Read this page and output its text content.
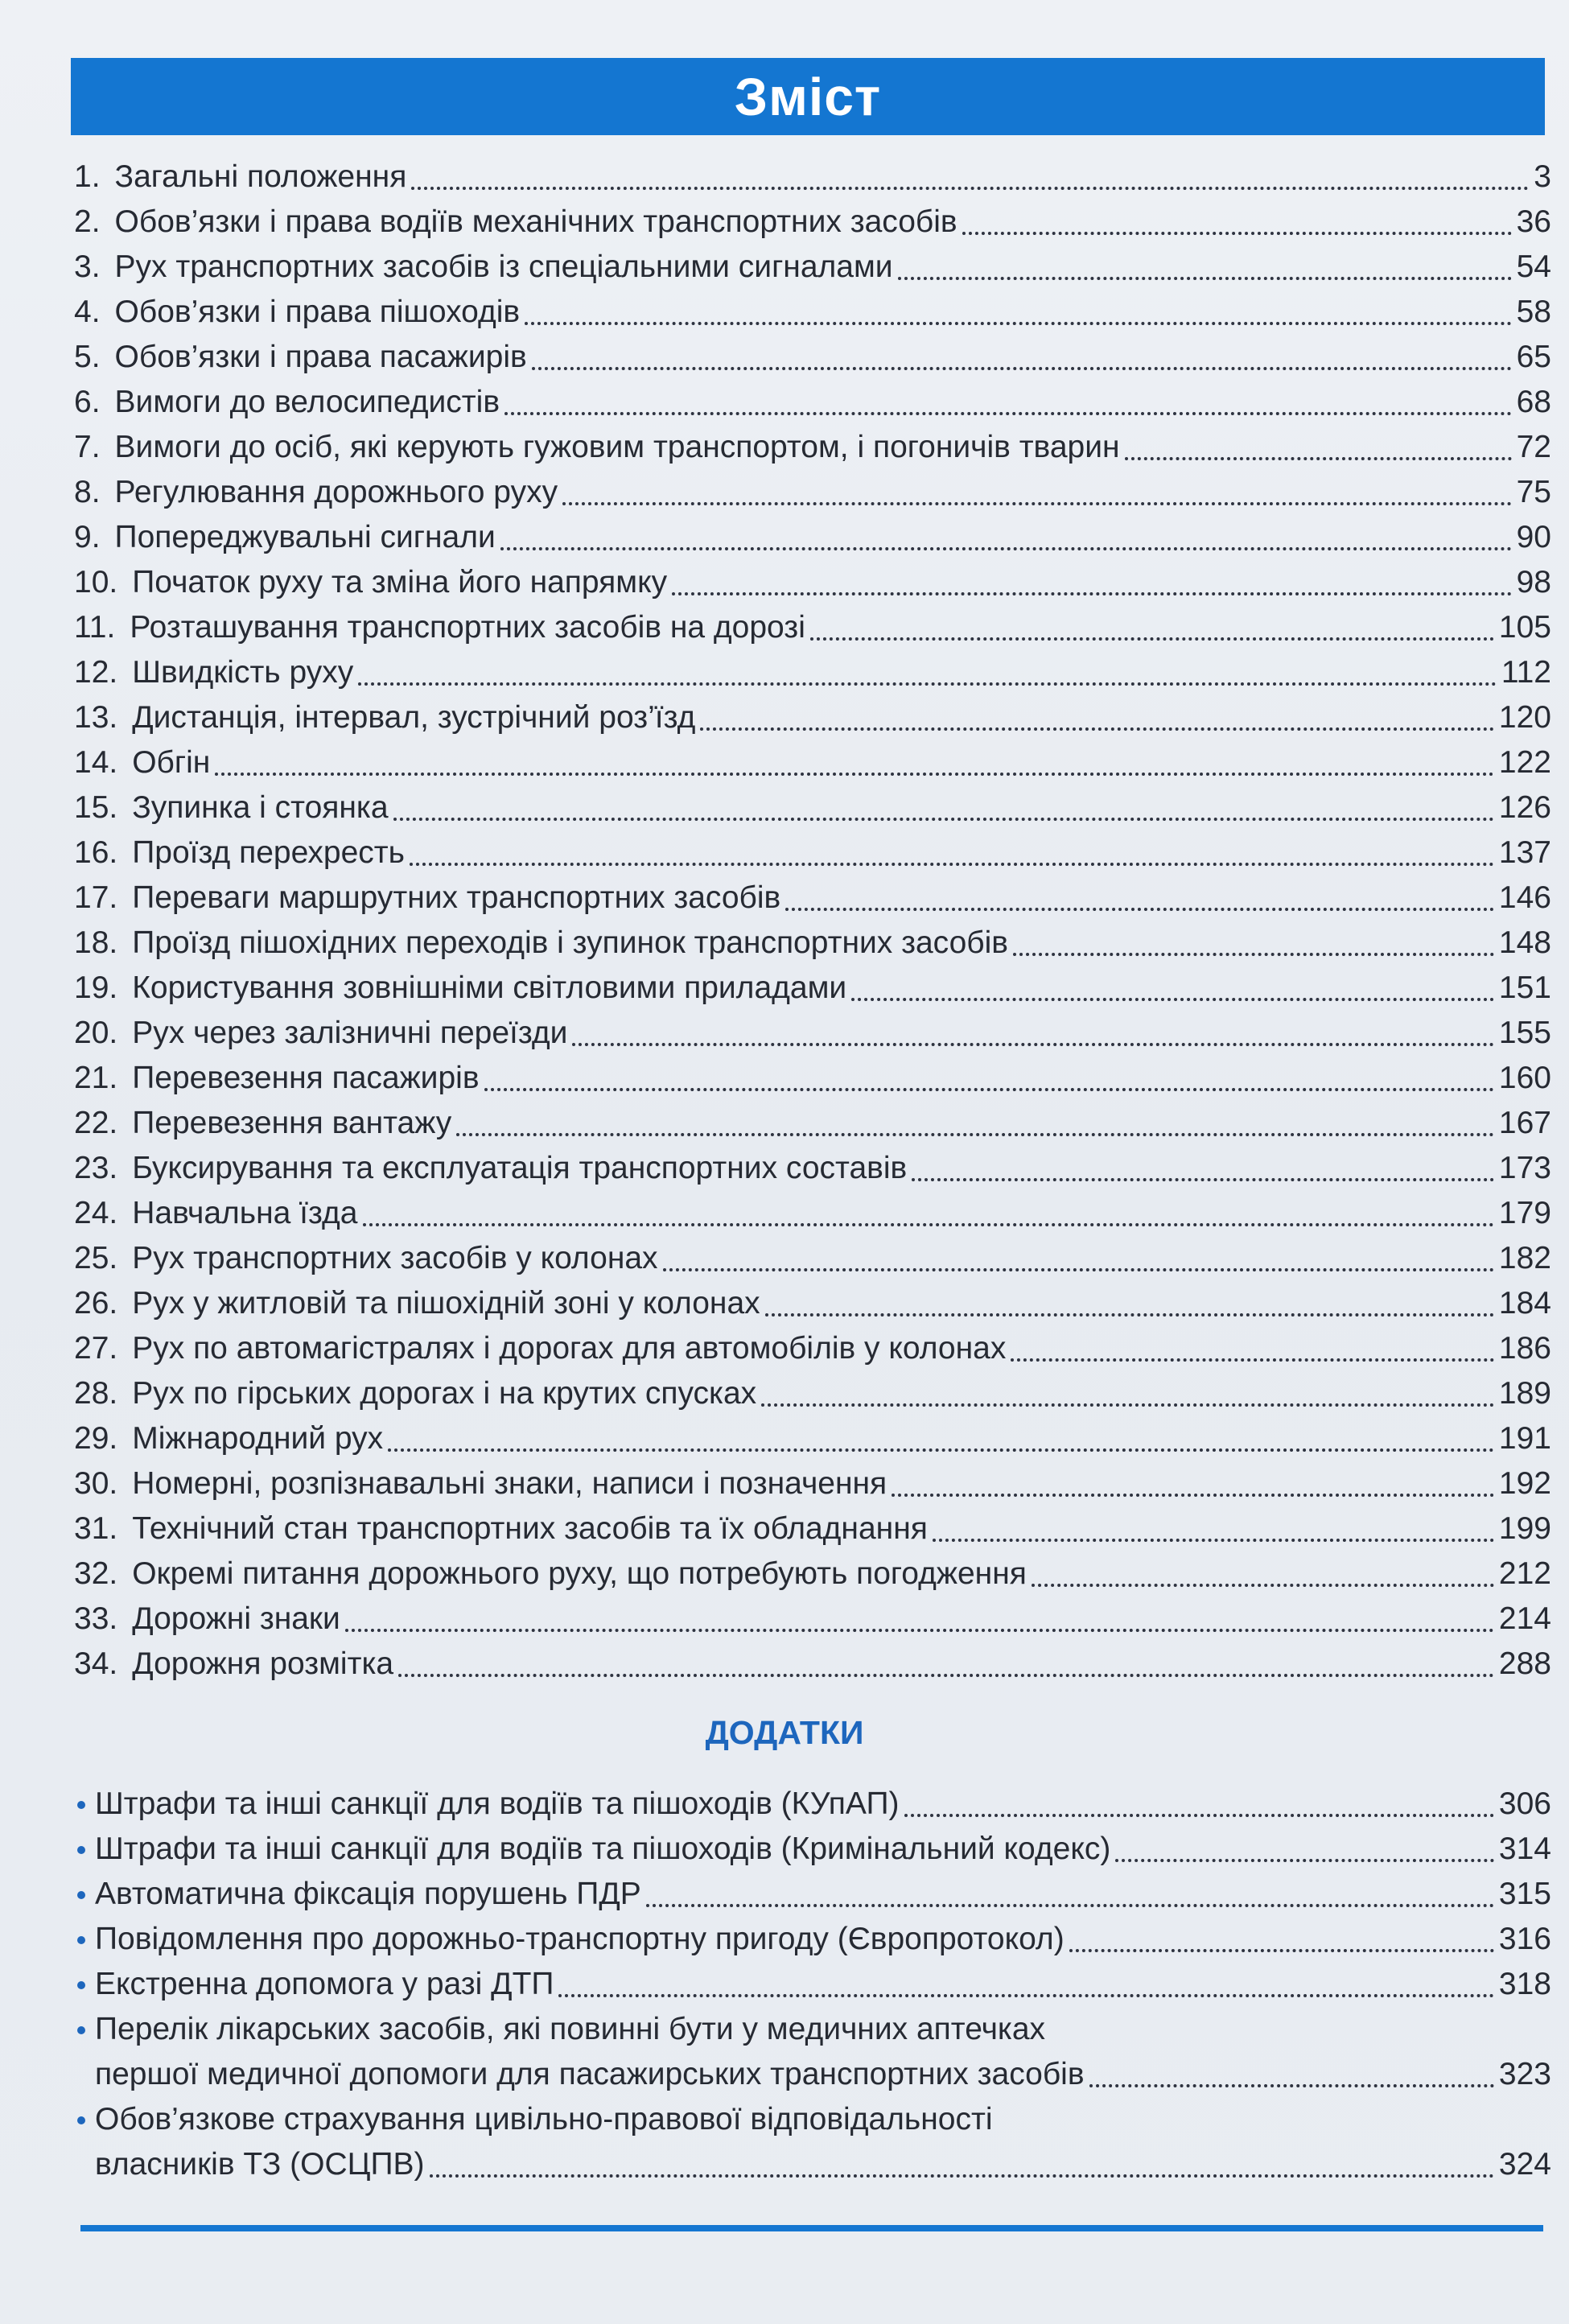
Зміст
1. Загальні положення	3
2. Обов’язки і права водіїв механічних транспортних засобів	36
3. Рух транспортних засобів із спеціальними сигналами	54
4. Обов’язки і права пішоходів	58
5. Обов’язки і права пасажирів	65
6. Вимоги до велосипедистів	68
7. Вимоги до осіб, які керують гужовим транспортом, і погоничів тварин	72
8. Регулювання дорожнього руху	75
9. Попереджувальні сигнали	90
10. Початок руху та зміна його напрямку	98
11. Розташування транспортних засобів на дорозі	105
12. Швидкість руху	112
13. Дистанція, інтервал, зустрічний роз’їзд	120
14. Обгін	122
15. Зупинка і стоянка	126
16. Проїзд перехресть	137
17. Переваги маршрутних транспортних засобів	146
18. Проїзд пішохідних переходів і зупинок транспортних засобів	148
19. Користування зовнішніми світловими приладами	151
20. Рух через залізничні переїзди	155
21. Перевезення пасажирів	160
22. Перевезення вантажу	167
23. Буксирування та експлуатація транспортних составів	173
24. Навчальна їзда	179
25. Рух транспортних засобів у колонах	182
26. Рух у житловій та пішохідній зоні у колонах	184
27. Рух по автомагістралях і дорогах для автомобілів у колонах	186
28. Рух по гірських дорогах і на крутих спусках	189
29. Міжнародний рух	191
30. Номерні, розпізнавальні знаки, написи і позначення	192
31. Технічний стан транспортних засобів та їх обладнання	199
32. Окремі питання дорожнього руху, що потребують погодження	212
33. Дорожні знаки	214
34. Дорожня розмітка	288
ДОДАТКИ
Штрафи та інші санкції для водіїв та пішоходів (КУпАП)	306
Штрафи та інші санкції для водіїв та пішоходів (Кримінальний кодекс)	314
Автоматична фіксація порушень ПДР	315
Повідомлення про дорожньо-транспортну пригоду (Європротокол)	316
Екстренна допомога у разі ДТП	318
Перелік лікарських засобів, які повинні бути у медичних аптечках
першої медичної допомоги для пасажирських транспортних засобів	323
Обов’язкове страхування цивільно-правової відповідальності
власників ТЗ (ОСЦПВ)	324
